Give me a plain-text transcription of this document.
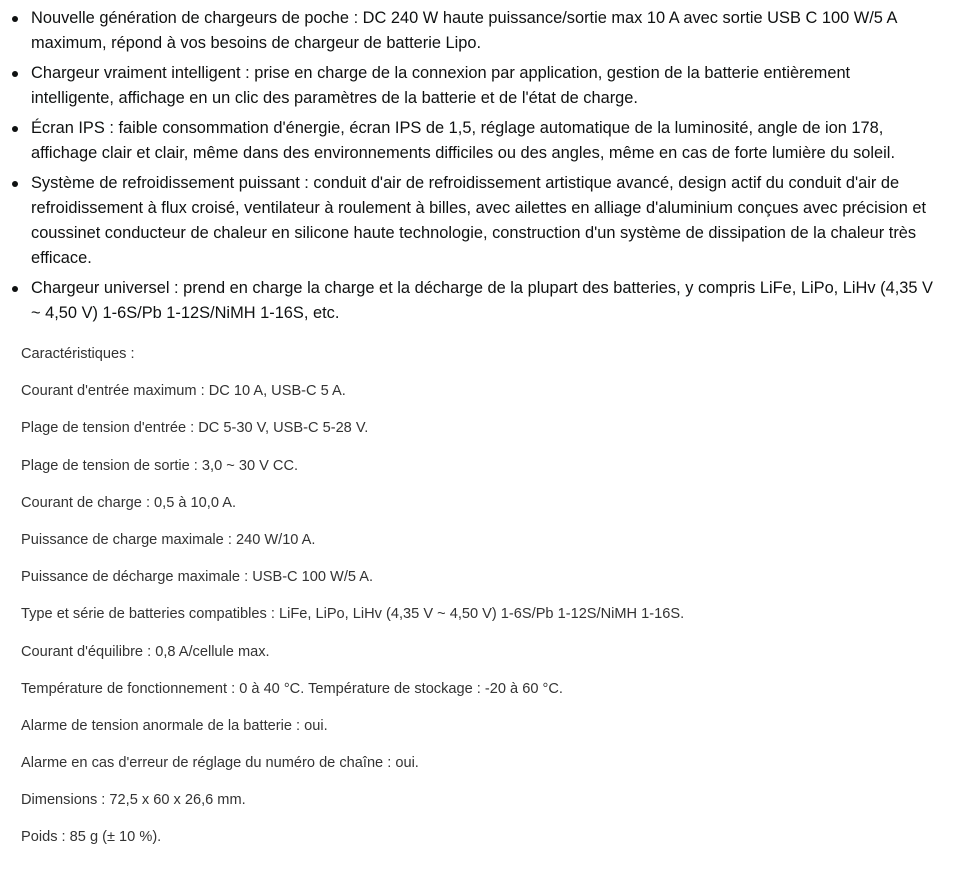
Nouvelle génération de chargeurs de poche : DC 240 W haute puissance/sortie max 10 A avec sortie USB C 100 W/5 A maximum, répond à vos besoins de chargeur de batterie Lipo.
Chargeur vraiment intelligent : prise en charge de la connexion par application, gestion de la batterie entièrement intelligente, affichage en un clic des paramètres de la batterie et de l'état de charge.
Écran IPS : faible consommation d'énergie, écran IPS de 1,5, réglage automatique de la luminosité, angle de ion 178, affichage clair et clair, même dans des environnements difficiles ou des angles, même en cas de forte lumière du soleil.
Système de refroidissement puissant : conduit d'air de refroidissement artistique avancé, design actif du conduit d'air de refroidissement à flux croisé, ventilateur à roulement à billes, avec ailettes en alliage d'aluminium conçues avec précision et coussinet conducteur de chaleur en silicone haute technologie, construction d'un système de dissipation de la chaleur très efficace.
Chargeur universel : prend en charge la charge et la décharge de la plupart des batteries, y compris LiFe, LiPo, LiHv (4,35 V ~ 4,50 V) 1-6S/Pb 1-12S/NiMH 1-16S, etc.
Caractéristiques :
Courant d'entrée maximum : DC 10 A, USB-C 5 A.
Plage de tension d'entrée : DC 5-30 V, USB-C 5-28 V.
Plage de tension de sortie : 3,0 ~ 30 V CC.
Courant de charge : 0,5 à 10,0 A.
Puissance de charge maximale : 240 W/10 A.
Puissance de décharge maximale : USB-C 100 W/5 A.
Type et série de batteries compatibles : LiFe, LiPo, LiHv (4,35 V ~ 4,50 V) 1-6S/Pb 1-12S/NiMH 1-16S.
Courant d'équilibre : 0,8 A/cellule max.
Température de fonctionnement : 0 à 40 °C. Température de stockage : -20 à 60 °C.
Alarme de tension anormale de la batterie : oui.
Alarme en cas d'erreur de réglage du numéro de chaîne : oui.
Dimensions : 72,5 x 60 x 26,6 mm.
Poids : 85 g (± 10 %).
